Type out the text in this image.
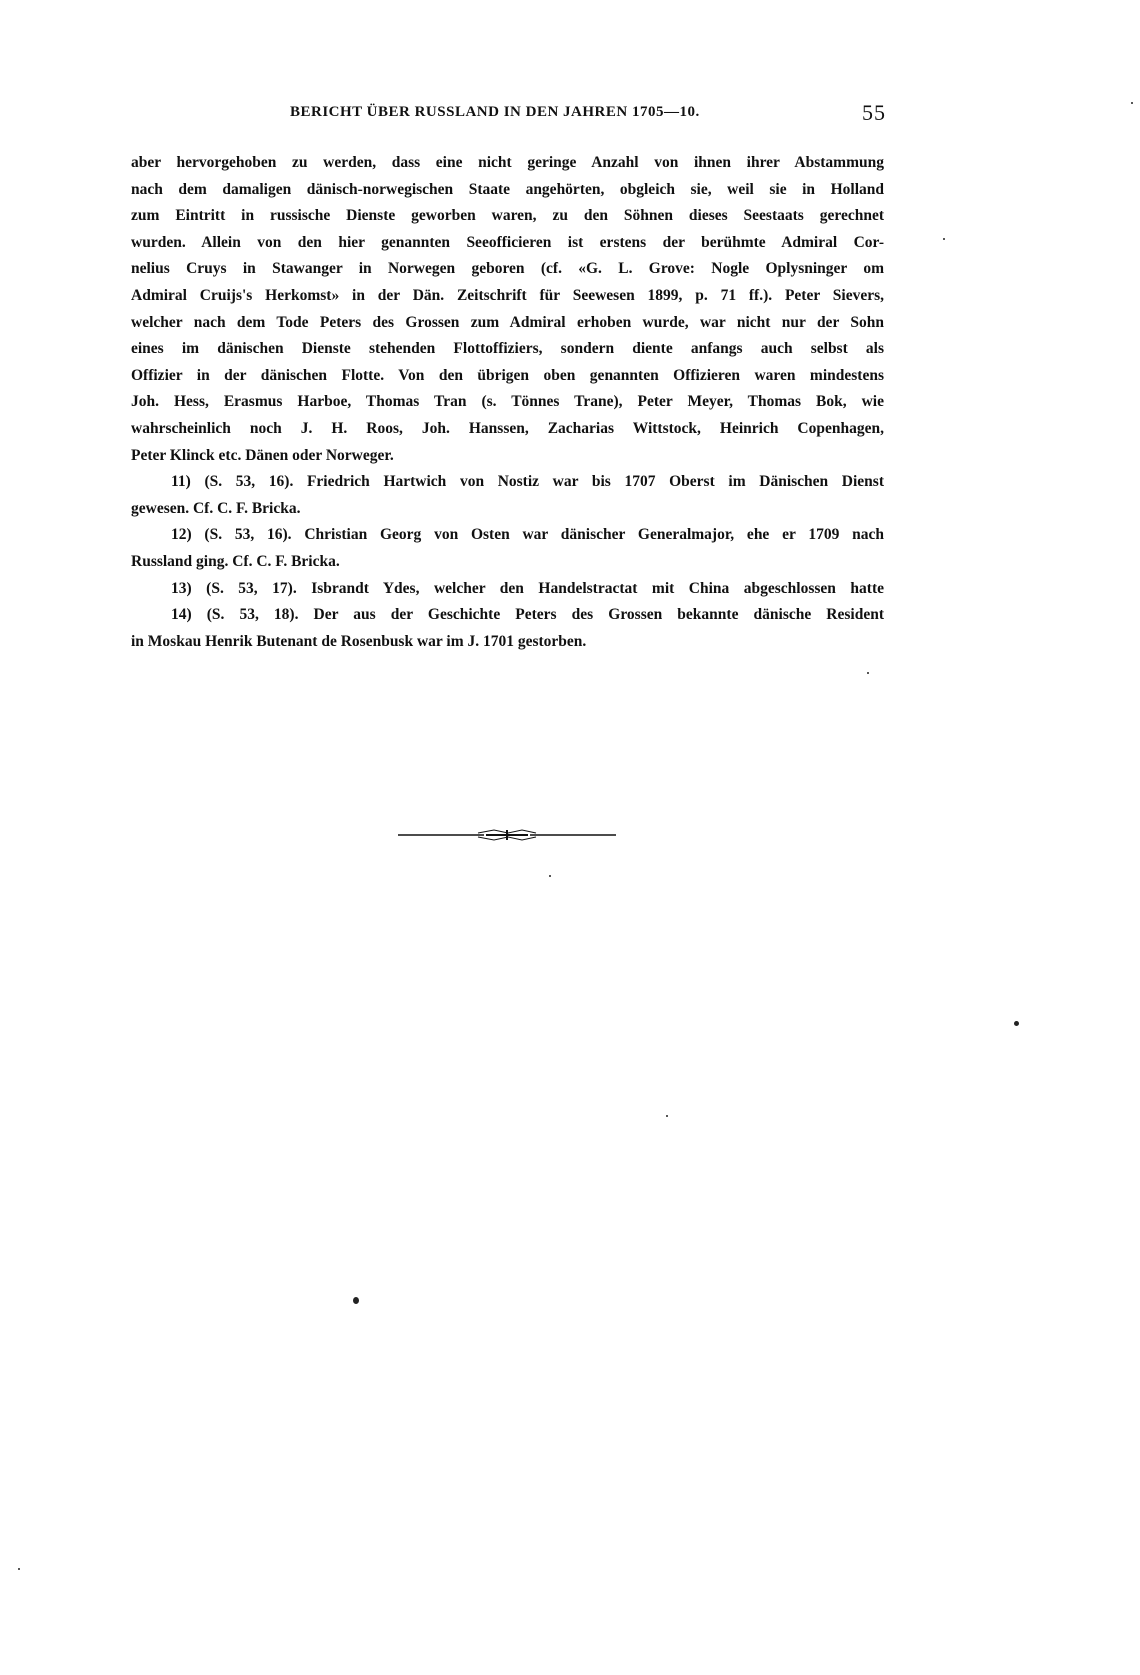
BERICHT ÜBER RUSSLAND IN DEN JAHREN 1705—10.	55
aber hervorgehoben zu werden, dass eine nicht geringe Anzahl von ihnen ihrer Abstammung
nach dem damaligen dänisch-norwegischen Staate angehörten, obgleich sie, weil sie in Holland
zum Eintritt in russische Dienste geworben waren, zu den Söhnen dieses Seestaats gerechnet
wurden. Allein von den hier genannten Seeofficieren ist erstens der berühmte Admiral Cor-
nelius Cruys in Stawanger in Norwegen geboren (cf. «G. L. Grove: Nogle Oplysninger om
Admiral Cruijs's Herkomst» in der Dän. Zeitschrift für Seewesen 1899, p. 71 ff.). Peter Sievers,
welcher nach dem Tode Peters des Grossen zum Admiral erhoben wurde, war nicht nur der Sohn
eines im dänischen Dienste stehenden Flottoffiziers, sondern diente anfangs auch selbst als
Offizier in der dänischen Flotte. Von den übrigen oben genannten Offizieren waren mindestens
Joh. Hess, Erasmus Harboe, Thomas Tran (s. Tönnes Trane), Peter Meyer, Thomas Bok, wie
wahrscheinlich noch J. H. Roos, Joh. Hanssen, Zacharias Wittstock, Heinrich Copenhagen,
Peter Klinck etc. Dänen oder Norweger.
11) (S. 53, 16). Friedrich Hartwich von Nostiz war bis 1707 Oberst im Dänischen Dienst
gewesen. Cf. C. F. Bricka.
12) (S. 53, 16). Christian Georg von Osten war dänischer Generalmajor, ehe er 1709 nach
Russland ging. Cf. C. F. Bricka.
13) (S. 53, 17). Isbrandt Ydes, welcher den Handelstractat mit China abgeschlossen hatte
14) (S. 53, 18). Der aus der Geschichte Peters des Grossen bekannte dänische Resident
in Moskau Henrik Butenant de Rosenbusk war im J. 1701 gestorben.
